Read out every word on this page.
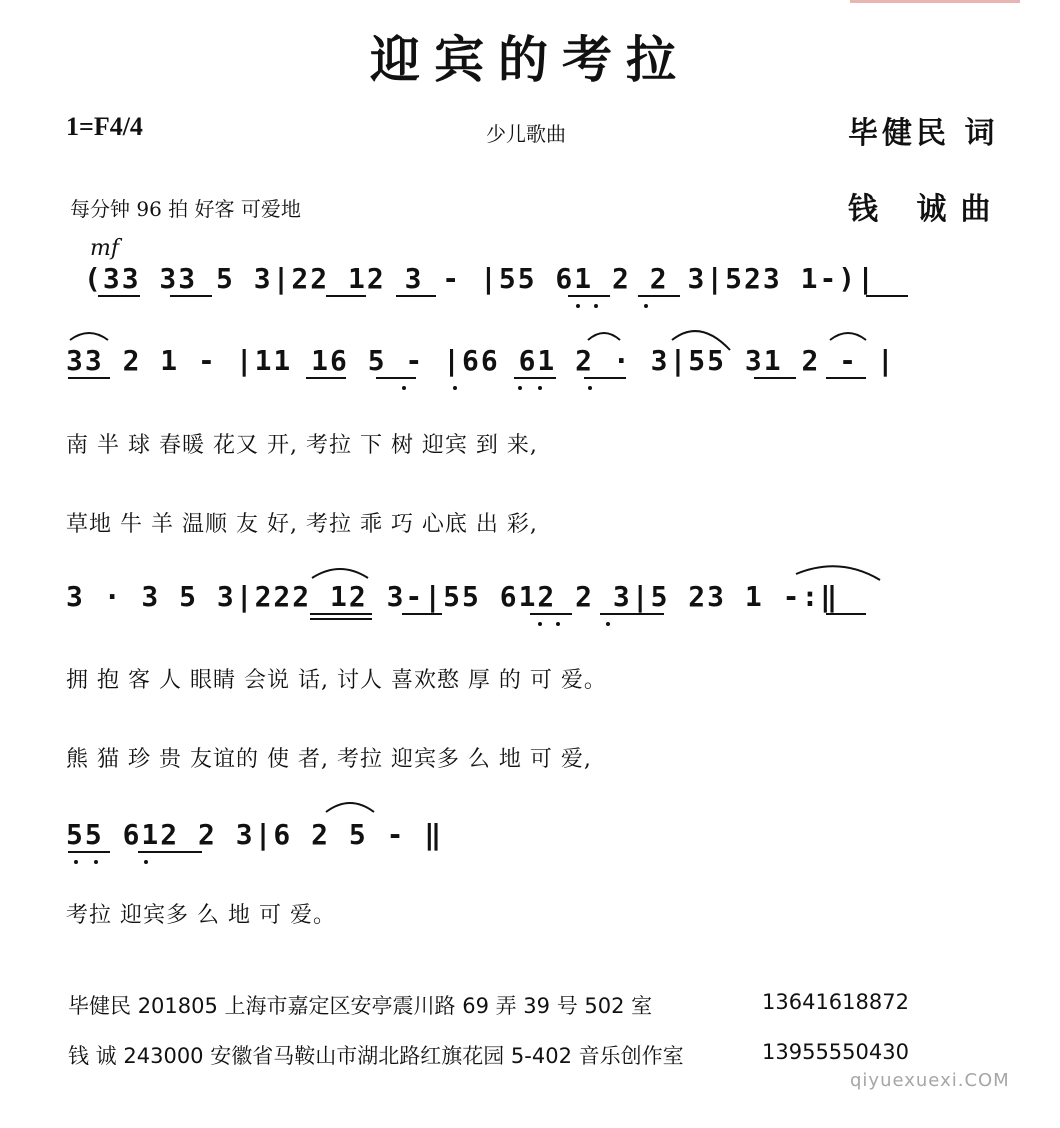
迎宾的考拉
1=F4/4	少儿歌曲	毕健民 词
每分钟 96 拍 好客 可爱地	钱 诚曲
mf
(33 33 5 3|22 12 3 - |55 61 2 2 3|523 1-)|
33 2 1 - |11 16 5 - |66 61 2 · 3|55 31 2 - |
南 半 球 春暖 花又 开, 考拉 下 树 迎宾 到 来,
草地 牛 羊 温顺 友 好, 考拉 乖 巧 心底 出 彩,
3 · 3 5 3|222 12 3-|55 612 2 3|5 23 1 -:‖
拥 抱 客 人 眼睛 会说 话, 讨人 喜欢憨 厚 的 可 爱。
熊 猫 珍 贵 友谊的 使 者, 考拉 迎宾多 么 地 可 爱,
55 612 2 3|6 2 5 - ‖
考拉 迎宾多 么 地 可 爱。
毕健民 201805 上海市嘉定区安亭震川路 69 弄 39 号 502 室	13641618872
钱 诚 243000 安徽省马鞍山市湖北路红旗花园 5-402 音乐创作室	13955550430
qiyuexuexi.COM
